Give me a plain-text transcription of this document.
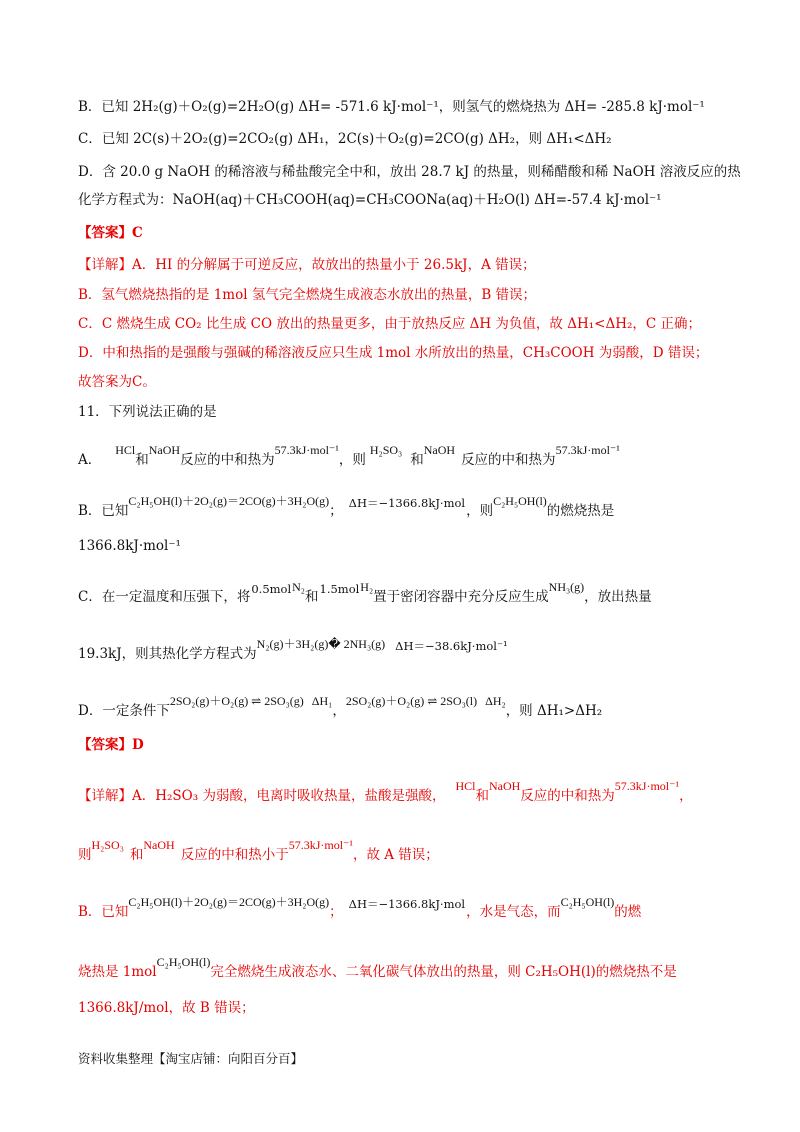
B．已知 2H₂(g)＋O₂(g)=2H₂O(g) ΔH= -571.6 kJ·mol⁻¹，则氢气的燃烧热为 ΔH= -285.8 kJ·mol⁻¹
C．已知 2C(s)＋2O₂(g)=2CO₂(g) ΔH₁，2C(s)＋O₂(g)=2CO(g) ΔH₂，则 ΔH₁<ΔH₂
D．含 20.0 g NaOH 的稀溶液与稀盐酸完全中和，放出 28.7 kJ 的热量，则稀醋酸和稀 NaOH 溶液反应的热
化学方程式为：NaOH(aq)＋CH₃COOH(aq)=CH₃COONa(aq)＋H₂O(l) ΔH=-57.4 kJ·mol⁻¹
【答案】C
【详解】A．HI 的分解属于可逆反应，故放出的热量小于 26.5kJ，A 错误；
B．氢气燃烧热指的是 1mol 氢气完全燃烧生成液态水放出的热量，B 错误；
C．C 燃烧生成 CO₂ 比生成 CO 放出的热量更多，由于放热反应 ΔH 为负值，故 ΔH₁<ΔH₂，C 正确；
D．中和热指的是强酸与强碱的稀溶液反应只生成 1mol 水所放出的热量，CH₃COOH 为弱酸，D 错误；
故答案为C。
11．下列说法正确的是
A．HCl和NaOH反应的中和热为57.3kJ·mol⁻¹，则H₂SO₃和NaOH反应的中和热为57.3kJ·mol⁻¹
B．已知C₂H₅OH(l)＋2O₂(g)＝2CO(g)＋3H₂O(g)； ΔH＝−1366.8kJ·mol，则C₂H₅OH(l)的燃烧热是
1366.8kJ·mol⁻¹
C．在一定温度和压强下，将0.5molN₂和1.5molH₂置于密闭容器中充分反应生成NH₃(g)，放出热量
19.3kJ，则其热化学方程式为N₂(g)＋3H₂(g)� 2NH₃(g) ΔH＝−38.6kJ·mol⁻¹
D．一定条件下2SO₂(g)＋O₂(g) ⇌ 2SO₃(g) ΔH₁，2SO₂(g)＋O₂(g) ⇌ 2SO₃(l) ΔH₂，则 ΔH₁>ΔH₂
【答案】D
【详解】A．H₂SO₃ 为弱酸，电离时吸收热量，盐酸是强酸，HCl和NaOH反应的中和热为57.3kJ·mol⁻¹，
则H₂SO₃和NaOH反应的中和热小于57.3kJ·mol⁻¹，故 A 错误；
B．已知C₂H₅OH(l)＋2O₂(g)＝2CO(g)＋3H₂O(g)； ΔH＝−1366.8kJ·mol，水是气态，而C₂H₅OH(l)的燃
烧热是 1molC₂H₅OH(l)完全燃烧生成液态水、二氧化碳气体放出的热量，则 C₂H₅OH(l)的燃烧热不是
1366.8kJ/mol，故 B 错误；
资料收集整理【淘宝店铺：向阳百分百】
